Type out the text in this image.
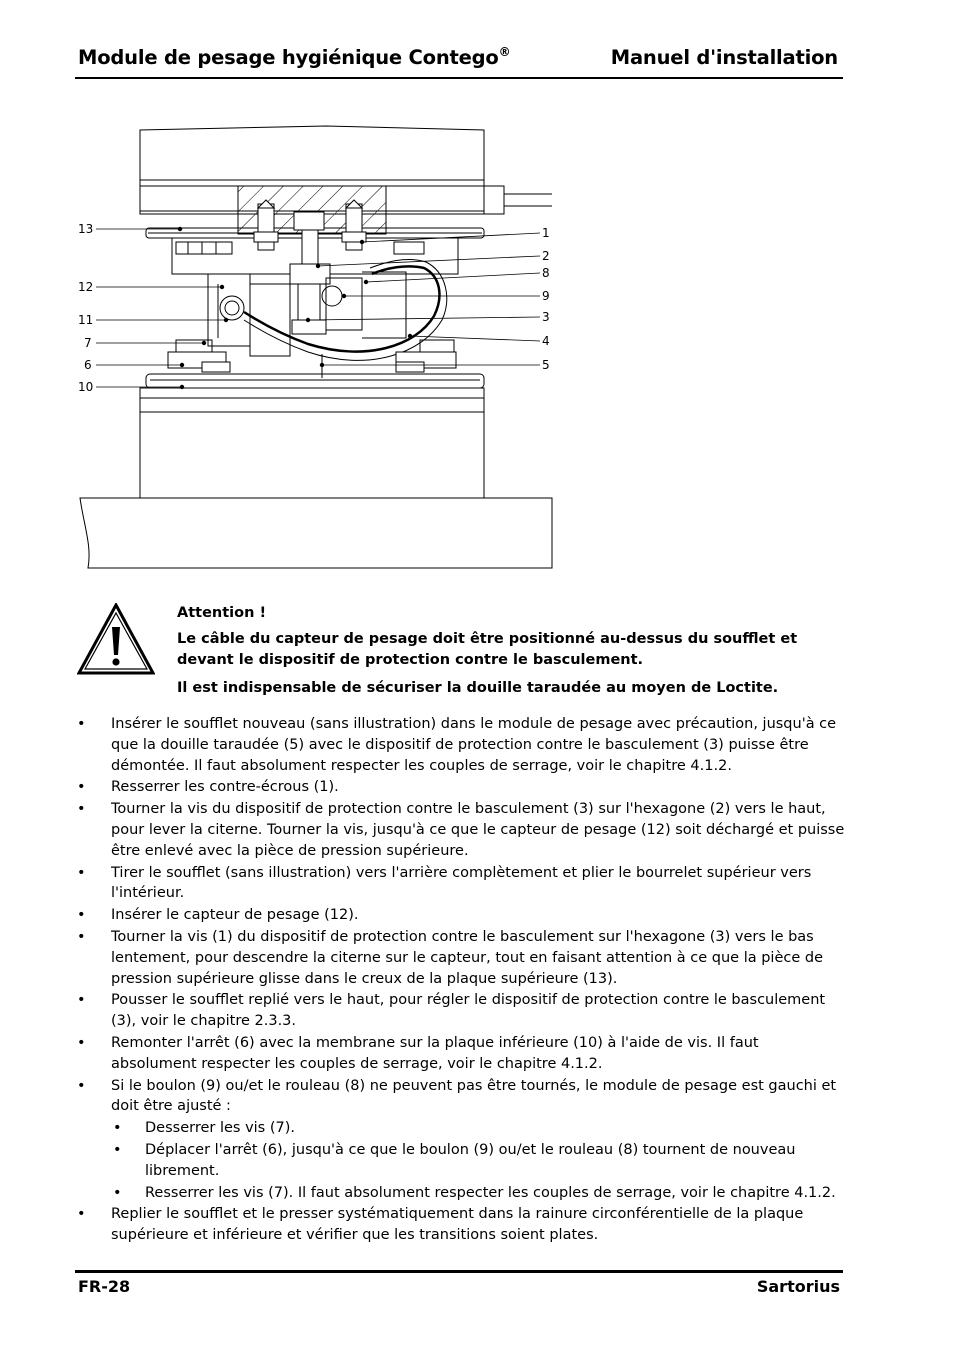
Module de pesage hygiénique Contego®	Manuel d'installation
13
12
11
7
6
10
1
2
8
9
3
4
5

Attention !

Le câble du capteur de pesage doit être positionné au-dessus du soufflet et devant le dispositif de protection contre le basculement.

Il est indispensable de sécuriser la douille taraudée au moyen de Loctite.

• Insérer le soufflet nouveau (sans illustration) dans le module de pesage avec précaution, jusqu'à ce que la douille taraudée (5) avec le dispositif de protection contre le basculement (3) puisse être démontée. Il faut absolument respecter les couples de serrage, voir le chapitre 4.1.2.
• Resserrer les contre-écrous (1).
• Tourner la vis du dispositif de protection contre le basculement (3) sur l'hexagone (2) vers le haut, pour lever la citerne. Tourner la vis, jusqu'à ce que le capteur de pesage (12) soit déchargé et puisse être enlevé avec la pièce de pression supérieure.
• Tirer le soufflet (sans illustration) vers l'arrière complètement et plier le bourrelet supérieur vers l'intérieur.
• Insérer le capteur de pesage (12).
• Tourner la vis (1) du dispositif de protection contre le basculement sur l'hexagone (3) vers le bas lentement, pour descendre la citerne sur le capteur, tout en faisant attention à ce que la pièce de pression supérieure glisse dans le creux de la plaque supérieure (13).
• Pousser le soufflet replié vers le haut, pour régler le dispositif de protection contre le basculement (3), voir le chapitre 2.3.3.
• Remonter l'arrêt (6) avec la membrane sur la plaque inférieure (10) à l'aide de vis. Il faut absolument respecter les couples de serrage, voir le chapitre 4.1.2.
• Si le boulon (9) ou/et le rouleau (8) ne peuvent pas être tournés, le module de pesage est gauchi et doit être ajusté :
• Desserrer les vis (7).
• Déplacer l'arrêt (6), jusqu'à ce que le boulon (9) ou/et le rouleau (8) tournent de nouveau librement.
• Resserrer les vis (7). Il faut absolument respecter les couples de serrage, voir le chapitre 4.1.2.
• Replier le soufflet et le presser systématiquement dans la rainure circonférentielle de la plaque supérieure et inférieure et vérifier que les transitions soient plates.
FR-28	Sartorius
